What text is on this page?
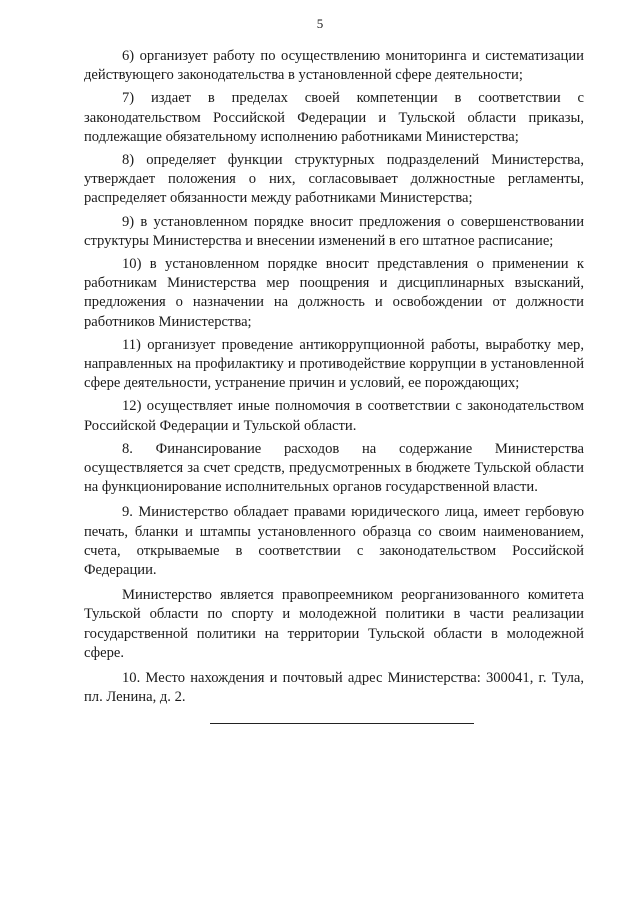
5

6) организует работу по осуществлению мониторинга и систематизации действующего законодательства в установленной сфере деятельности;

7) издает в пределах своей компетенции в соответствии с законодательством Российской Федерации и Тульской области приказы, подлежащие обязательному исполнению работниками Министерства;

8) определяет функции структурных подразделений Министерства, утверждает положения о них, согласовывает должностные регламенты, распределяет обязанности между работниками Министерства;

9) в установленном порядке вносит предложения о совершенствовании структуры Министерства и внесении изменений в его штатное расписание;

10) в установленном порядке вносит представления о применении к работникам Министерства мер поощрения и дисциплинарных взысканий, предложения о назначении на должность и освобождении от должности работников Министерства;

11) организует проведение антикоррупционной работы, выработку мер, направленных на профилактику и противодействие коррупции в установленной сфере деятельности, устранение причин и условий, ее порождающих;

12) осуществляет иные полномочия в соответствии с законодательством Российской Федерации и Тульской области.

8. Финансирование расходов на содержание Министерства осуществляется за счет средств, предусмотренных в бюджете Тульской области на функционирование исполнительных органов государственной власти.

9. Министерство обладает правами юридического лица, имеет гербовую печать, бланки и штампы установленного образца со своим наименованием, счета, открываемые в соответствии с законодательством Российской Федерации.

Министерство является правопреемником реорганизованного комитета Тульской области по спорту и молодежной политики в части реализации государственной политики на территории Тульской области в молодежной сфере.

10. Место нахождения и почтовый адрес Министерства: 300041, г. Тула, пл. Ленина, д. 2.
